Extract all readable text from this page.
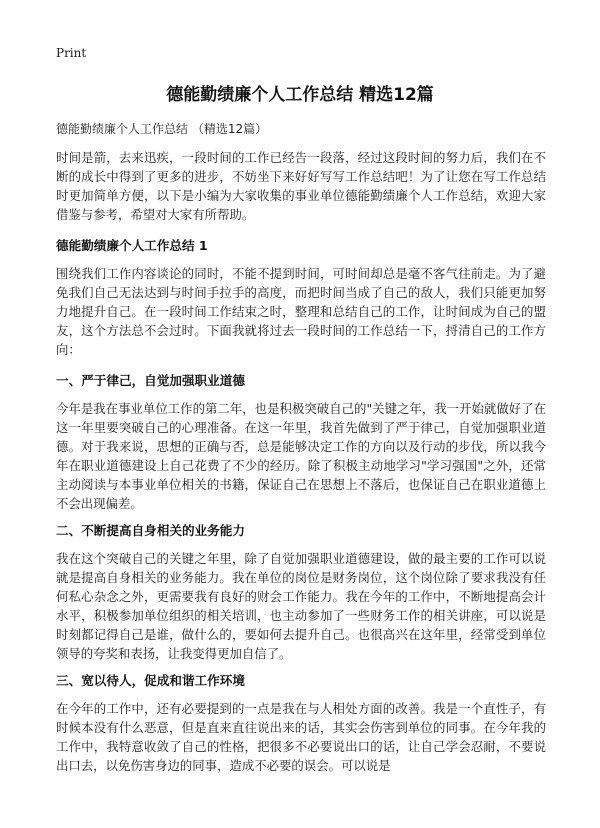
Print
德能勤绩廉个人工作总结 精选12篇
德能勤绩廉个人工作总结 （精选12篇）

时间是箭，去来迅疾，一段时间的工作已经告一段落，经过这段时间的努力后，我们在不断的成长中得到了更多的进步，不妨坐下来好好写写工作总结吧！为了让您在写工作总结时更加简单方便，以下是小编为大家收集的事业单位德能勤绩廉个人工作总结，欢迎大家借鉴与参考，希望对大家有所帮助。

德能勤绩廉个人工作总结 1

围绕我们工作内容谈论的同时，不能不提到时间，可时间却总是毫不客气往前走。为了避免我们自己无法达到与时间手拉手的高度，而把时间当成了自己的敌人，我们只能更加努力地提升自己。在一段时间工作结束之时，整理和总结自己的工作，让时间成为自己的盟友，这个方法总不会过时。下面我就将过去一段时间的工作总结一下，捋清自己的工作方向：

一、严于律己，自觉加强职业道德

今年是我在事业单位工作的第二年，也是积极突破自己的"关键之年，我一开始就做好了在这一年里要突破自己的心理准备。在这一年里，我首先做到了严于律己，自觉加强职业道德。对于我来说，思想的正确与否，总是能够决定工作的方向以及行动的步伐，所以我今年在职业道德建设上自己花费了不少的经历。除了积极主动地学习"学习强国"之外，还常主动阅读与本事业单位相关的书籍，保证自己在思想上不落后，也保证自己在职业道德上不会出现偏差。

二、不断提高自身相关的业务能力

我在这个突破自己的关键之年里，除了自觉加强职业道德建设，做的最主要的工作可以说就是提高自身相关的业务能力。我在单位的岗位是财务岗位，这个岗位除了要求我没有任何私心杂念之外，更需要我有良好的财会工作能力。我在今年的工作中，不断地提高会计水平，积极参加单位组织的相关培训，也主动参加了一些财务工作的相关讲座，可以说是时刻都记得自己是谁，做什么的，要如何去提升自己。也很高兴在这年里，经常受到单位领导的夸奖和表扬，让我变得更加自信了。

三、宽以待人，促成和谐工作环境

在今年的工作中，还有必要提到的一点是我在与人相处方面的改善。我是一个直性子，有时候本没有什么恶意，但是直来直往说出来的话，其实会伤害到单位的同事。在今年我的工作中，我特意收敛了自己的性格，把很多不必要说出口的话，让自己学会忍耐，不要说出口去，以免伤害身边的同事，造成不必要的误会。可以说是
